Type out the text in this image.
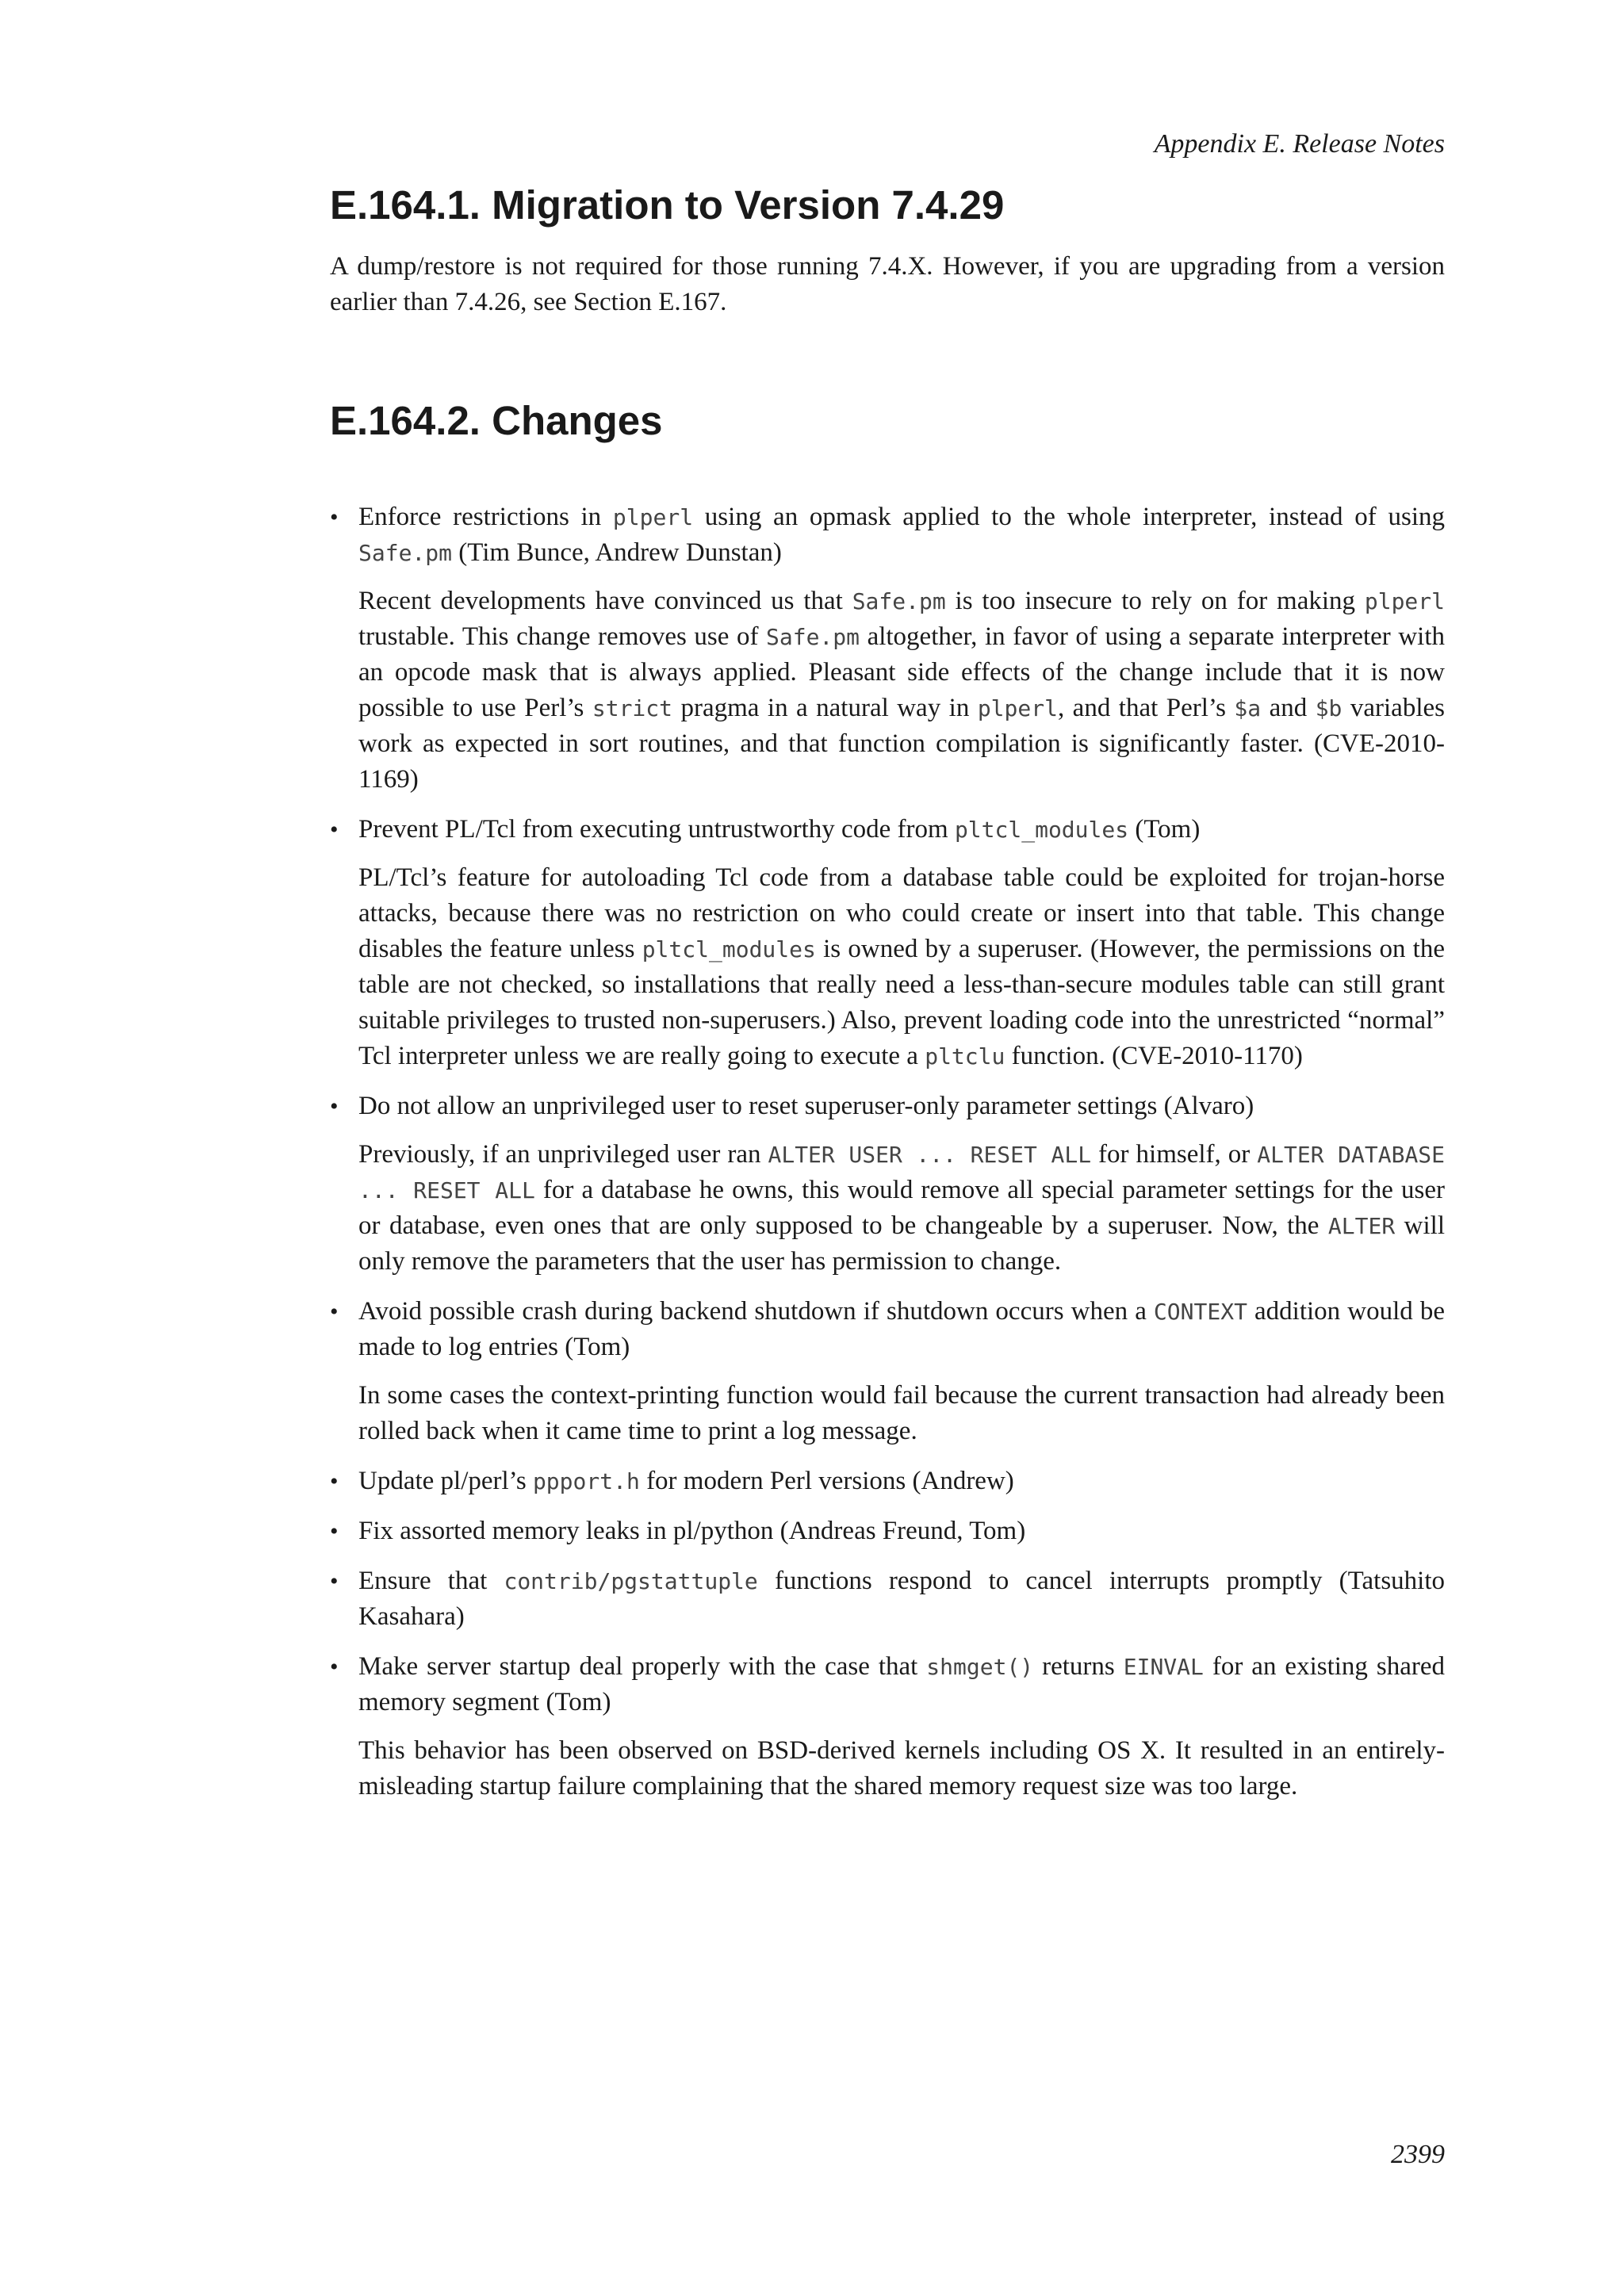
Appendix E. Release Notes
E.164.1. Migration to Version 7.4.29

A dump/restore is not required for those running 7.4.X. However, if you are upgrading from a version earlier than 7.4.26, see Section E.167.

E.164.2. Changes
• Enforce restrictions in plperl using an opmask applied to the whole interpreter, instead of using Safe.pm (Tim Bunce, Andrew Dunstan)

Recent developments have convinced us that Safe.pm is too insecure to rely on for making plperl trustable. This change removes use of Safe.pm altogether, in favor of using a separate interpreter with an opcode mask that is always applied. Pleasant side effects of the change include that it is now possible to use Perl’s strict pragma in a natural way in plperl, and that Perl’s $a and $b variables work as expected in sort routines, and that function compilation is significantly faster. (CVE-2010-1169)

• Prevent PL/Tcl from executing untrustworthy code from pltcl_modules (Tom)

PL/Tcl’s feature for autoloading Tcl code from a database table could be exploited for trojan-horse attacks, because there was no restriction on who could create or insert into that table. This change disables the feature unless pltcl_modules is owned by a superuser. (However, the permissions on the table are not checked, so installations that really need a less-than-secure modules table can still grant suitable privileges to trusted non-superusers.) Also, prevent loading code into the unrestricted “normal” Tcl interpreter unless we are really going to execute a pltclu function. (CVE-2010-1170)

• Do not allow an unprivileged user to reset superuser-only parameter settings (Alvaro)

Previously, if an unprivileged user ran ALTER USER ... RESET ALL for himself, or ALTER DATABASE ... RESET ALL for a database he owns, this would remove all special parameter settings for the user or database, even ones that are only supposed to be changeable by a superuser. Now, the ALTER will only remove the parameters that the user has permission to change.

• Avoid possible crash during backend shutdown if shutdown occurs when a CONTEXT addition would be made to log entries (Tom)

In some cases the context-printing function would fail because the current transaction had already been rolled back when it came time to print a log message.

• Update pl/perl’s ppport.h for modern Perl versions (Andrew)

• Fix assorted memory leaks in pl/python (Andreas Freund, Tom)

• Ensure that contrib/pgstattuple functions respond to cancel interrupts promptly (Tatsuhito Kasahara)

• Make server startup deal properly with the case that shmget() returns EINVAL for an existing shared memory segment (Tom)

This behavior has been observed on BSD-derived kernels including OS X. It resulted in an entirely-misleading startup failure complaining that the shared memory request size was too large.

2399
